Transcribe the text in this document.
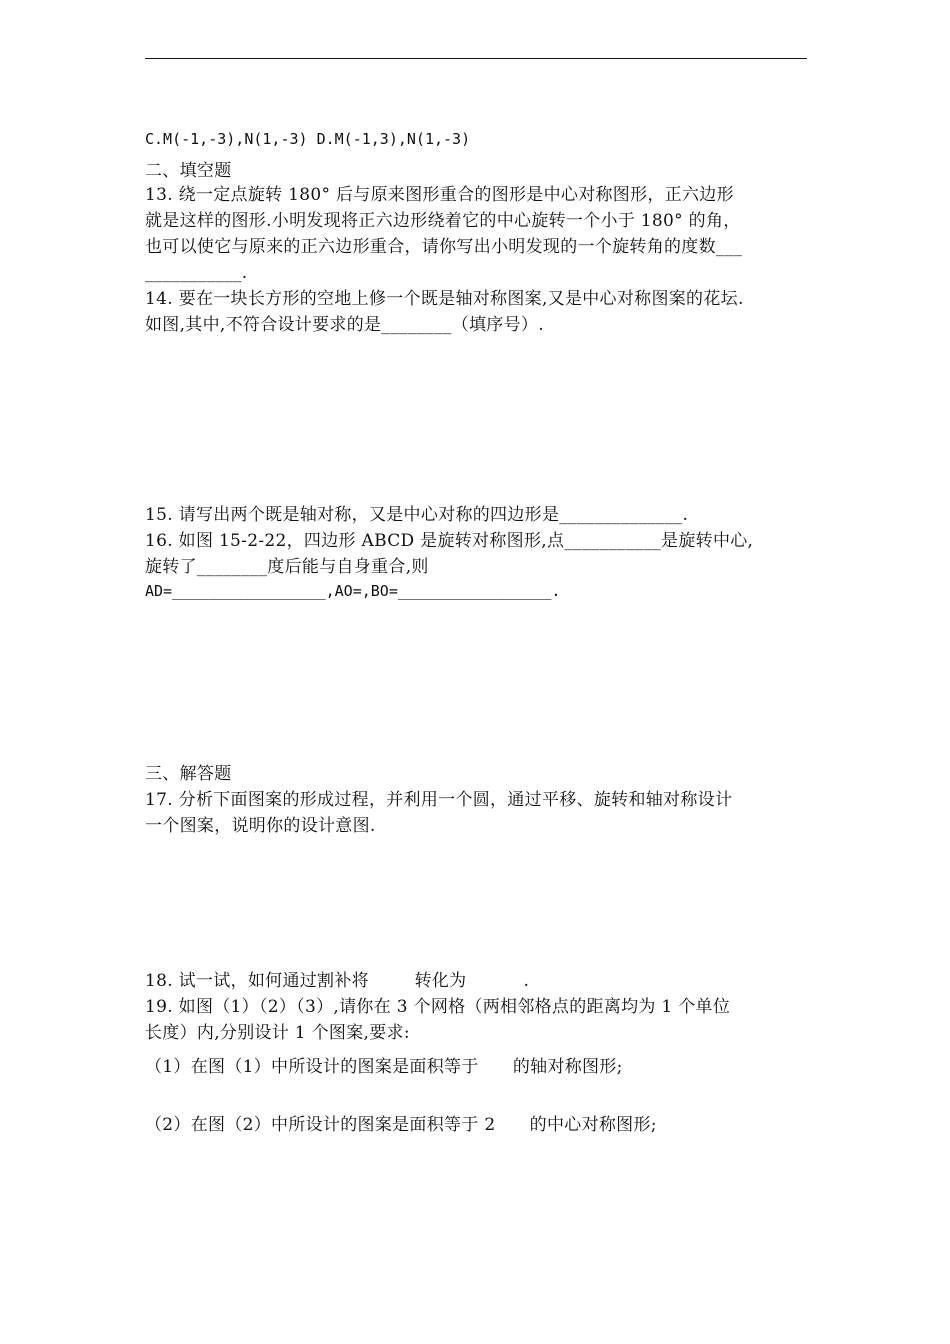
C.M(-1,-3),N(1,-3) D.M(-1,3),N(1,-3)
二、填空题
13. 绕一定点旋转 180° 后与原来图形重合的图形是中心对称图形，正六边形
就是这样的图形.小明发现将正六边形绕着它的中心旋转一个小于 180° 的角，
也可以使它与原来的正六边形重合，请你写出小明发现的一个旋转角的度数___
___________.
14. 要在一块长方形的空地上修一个既是轴对称图案,又是中心对称图案的花坛.
如图,其中,不符合设计要求的是________（填序号）.
15. 请写出两个既是轴对称，又是中心对称的四边形是______________.
16. 如图 15-2-22，四边形 ABCD 是旋转对称图形,点___________是旋转中心,
旋转了________度后能与自身重合,则
AD=_________________,AO=,BO=_________________.
三、解答题
17. 分析下面图案的形成过程，并利用一个圆，通过平移、旋转和轴对称设计
一个图案，说明你的设计意图.
18. 试一试，如何通过割补将        转化为          .
19. 如图（1）（2）（3）,请你在 3 个网格（两相邻格点的距离均为 1 个单位
长度）内,分别设计 1 个图案,要求:
（1）在图（1）中所设计的图案是面积等于      的轴对称图形;
（2）在图（2）中所设计的图案是面积等于 2      的中心对称图形;
